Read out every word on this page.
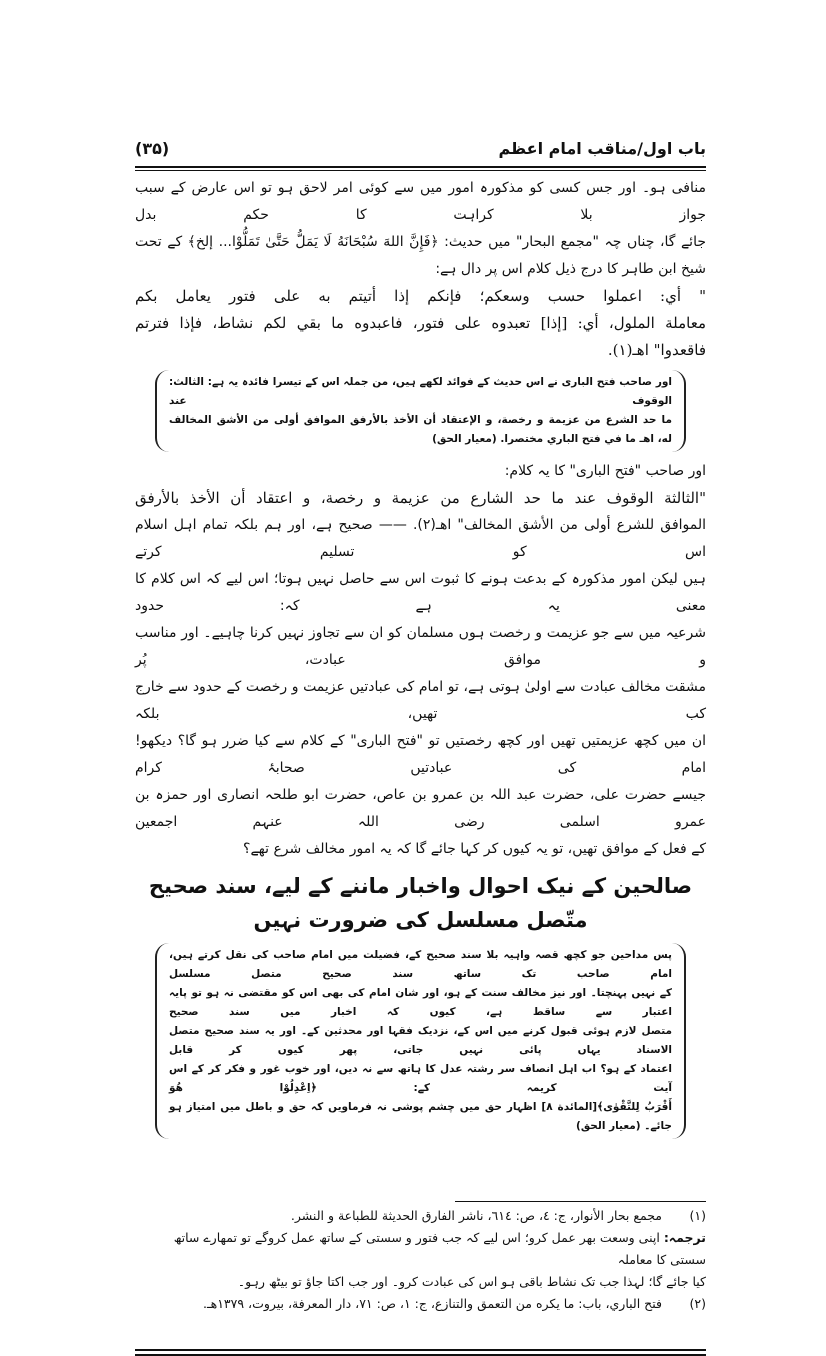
باب اول/مناقب امام اعظم
(۳۵)
منافی ہو۔ اور جس کسی کو مذکورہ امور میں سے کوئی امر لاحق ہو تو اس عارض کے سبب جواز بلا کراہت کا حکم بدل
جائے گا، چناں چہ "مجمع البحار" میں حدیث: ﴿فَإِنَّ اللهَ سُبْحَانَهُ لَا يَمَلُّ حَتَّىٰ تَمَلُّوْا... إلخ﴾ کے تحت
شیخ ابن طاہر کا درج ذیل کلام اس پر دال ہے:
" أي: اعملوا حسب وسعكم؛ فإنكم إذا أتيتم به على فتور يعامل بكم
معاملة الملول، أي: [إذا] تعبدوه على فتور، فاعبدوه ما بقي لكم نشاط، فإذا فترتم
فاقعدوا" اهـ(١).
اور صاحب فتح الباری نے اس حدیث کے فوائد لکھے ہیں، من جملہ اس کے تیسرا فائدہ یہ ہے: الثالث: الوقوف عند
ما حد الشرع من عزيمة و رخصة، و الإعتقاد أن الأخذ بالأرفق الموافق أولى من الأشق المخالف
له، اهـ ما في فتح الباري مختصرا. (معیار الحق)
اور صاحب "فتح الباری" کا یہ کلام:
"الثالثة الوقوف عند ما حد الشارع من عزيمة و رخصة، و اعتقاد أن الأخذ بالأرفق
الموافق للشرع أولى من الأشق المخالف" اهـ(٢). —— صحیح ہے، اور ہم بلکہ تمام اہل اسلام اس کو تسلیم کرتے
ہیں لیکن امور مذکورہ کے بدعت ہونے کا ثبوت اس سے حاصل نہیں ہوتا؛ اس لیے کہ اس کلام کا معنی یہ ہے کہ: حدود
شرعیہ میں سے جو عزیمت و رخصت ہوں مسلمان کو ان سے تجاوز نہیں کرنا چاہیے۔ اور مناسب و موافق عبادت، پُر
مشقت مخالف عبادت سے اولیٰ ہوتی ہے، تو امام کی عبادتیں عزیمت و رخصت کے حدود سے خارج کب تھیں، بلکہ
ان میں کچھ عزیمتیں تھیں اور کچھ رخصتیں تو "فتح الباری" کے کلام سے کیا ضرر ہو گا؟ دیکھو! امام کی عبادتیں صحابۂ کرام
جیسے حضرت علی، حضرت عبد اللہ بن عمرو بن عاص، حضرت ابو طلحہ انصاری اور حمزہ بن عمرو اسلمی رضی اللہ عنہم اجمعین
کے فعل کے موافق تھیں، تو یہ کیوں کر کہا جائے گا کہ یہ امور مخالف شرع تھے؟
صالحین کے نیک احوال واخبار ماننے کے لیے، سند صحیح متّصل مسلسل کی ضرورت نہیں
پس مداحین جو کچھ قصہ واہیہ بلا سند صحیح کے، فضیلت میں امام صاحب کی نقل کرتے ہیں، امام صاحب تک ساتھ سند صحیح متصل مسلسل
کے نہیں پہنچتا۔ اور نیز مخالف سنت کے ہو، اور شان امام کی بھی اس کو مقتضی نہ ہو تو پایہ اعتبار سے ساقط ہے، کیوں کہ اخبار میں سند صحیح
متصل لازم ہوئی قبول کرنے میں اس کے، نزدیک فقہا اور محدثین کے۔ اور یہ سند صحیح متصل الاسناد یہاں پائی نہیں جاتی، پھر کیوں کر قابل
اعتماد کے ہو؟ اب اہل انصاف سر رشتہ عدل کا ہاتھ سے نہ دیں، اور خوب غور و فکر کر کے اس آیت کریمہ کے: ﴿اِعْدِلُوْا هُوَ
أَقْرَبُ لِلتَّقْوٰى﴾[المائدة ٨] اظہار حق میں چشم پوشی نہ فرماویں کہ حق و باطل میں امتیاز ہو جائے۔ (معیار الحق)
(١)مجمع بحار الأنوار، ج: ٤، ص: ٦١٤، ناشر الفارق الحديثة للطباعة و النشر.
ترجمہ: اپنی وسعت بھر عمل کرو؛ اس لیے کہ جب فتور و سستی کے ساتھ عمل کروگے تو تمھارے ساتھ سستی کا معاملہ
کیا جائے گا؛ لہذا جب تک نشاط باقی ہو اس کی عبادت کرو۔ اور جب اکتا جاؤ تو بیٹھ رہو۔
(٢)فتح الباري، باب: ما يكره من التعمق والتنازع، ج: ١، ص: ٧١، دار المعرفة، بيروت، ١٣٧٩هـ.
